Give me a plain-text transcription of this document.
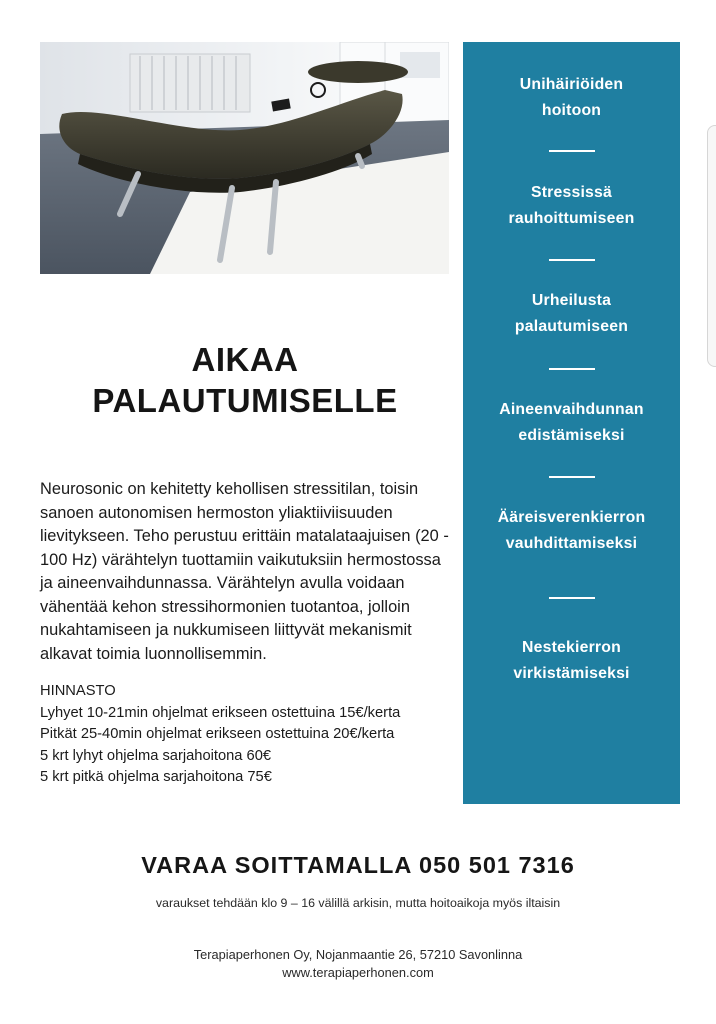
AIKAA
PALAUTUMISELLE
Neurosonic on kehitetty kehollisen stressitilan, toisin sanoen autonomisen hermoston yliaktiiviisuuden lievitykseen. Teho perustuu erittäin matalataajuisen (20 - 100 Hz) värähtelyn tuottamiin vaikutuksiin hermostossa ja aineenvaihdunnassa. Värähtelyn avulla voidaan vähentää kehon stressihormonien tuotantoa, jolloin nukahtamiseen ja nukkumiseen liittyvät mekanismit alkavat toimia luonnollisemmin.
HINNASTO
Lyhyet 10-21min ohjelmat erikseen ostettuina 15€/kerta
Pitkät 25-40min ohjelmat erikseen ostettuina 20€/kerta
5 krt lyhyt ohjelma sarjahoitona 60€
5 krt pitkä ohjelma sarjahoitona 75€
Unihäiriöiden
hoitoon
Stressissä
rauhoittumiseen
Urheilusta
palautumiseen
Aineenvaihdunnan
edistämiseksi
Ääreisverenkierron
vauhdittamiseksi
Nestekierron
virkistämiseksi
VARAA SOITTAMALLA 050 501 7316
varaukset tehdään klo 9 – 16 välillä arkisin, mutta hoitoaikoja myös iltaisin
Terapiaperhonen Oy, Nojanmaantie 26, 57210 Savonlinna
www.terapiaperhonen.com
